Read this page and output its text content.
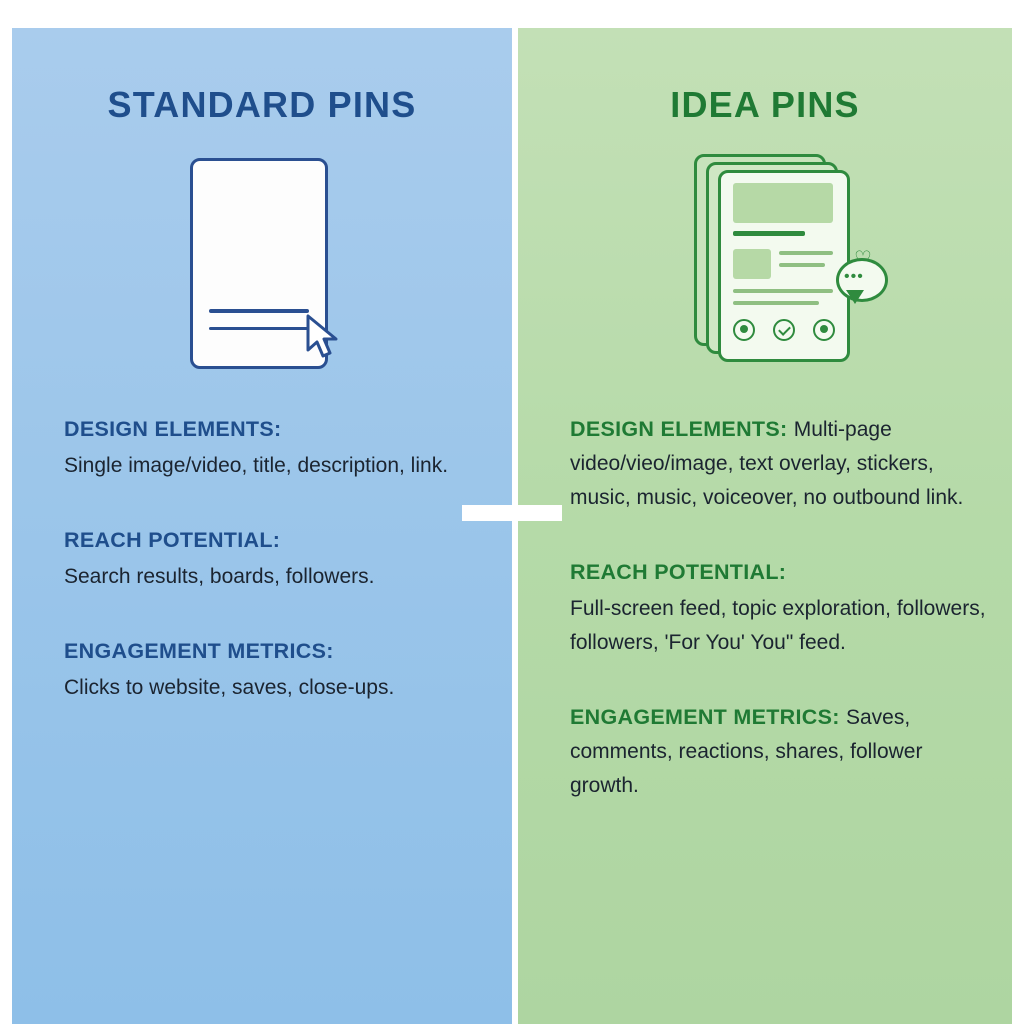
STANDARD PINS

DESIGN ELEMENTS:
Single image/video, title, description, link.

REACH POTENTIAL:
Search results, boards, followers.

ENGAGEMENT METRICS:
Clicks to website, saves, close-ups.

IDEA PINS
•••

DESIGN ELEMENTS: Multi-page video/vieo/image, text overlay, stickers, music, music, voiceover, no outbound link.

REACH POTENTIAL:
Full-screen feed, topic exploration, followers, followers, 'For You' You" feed.

ENGAGEMENT METRICS: Saves, comments, reactions, shares, follower growth.
